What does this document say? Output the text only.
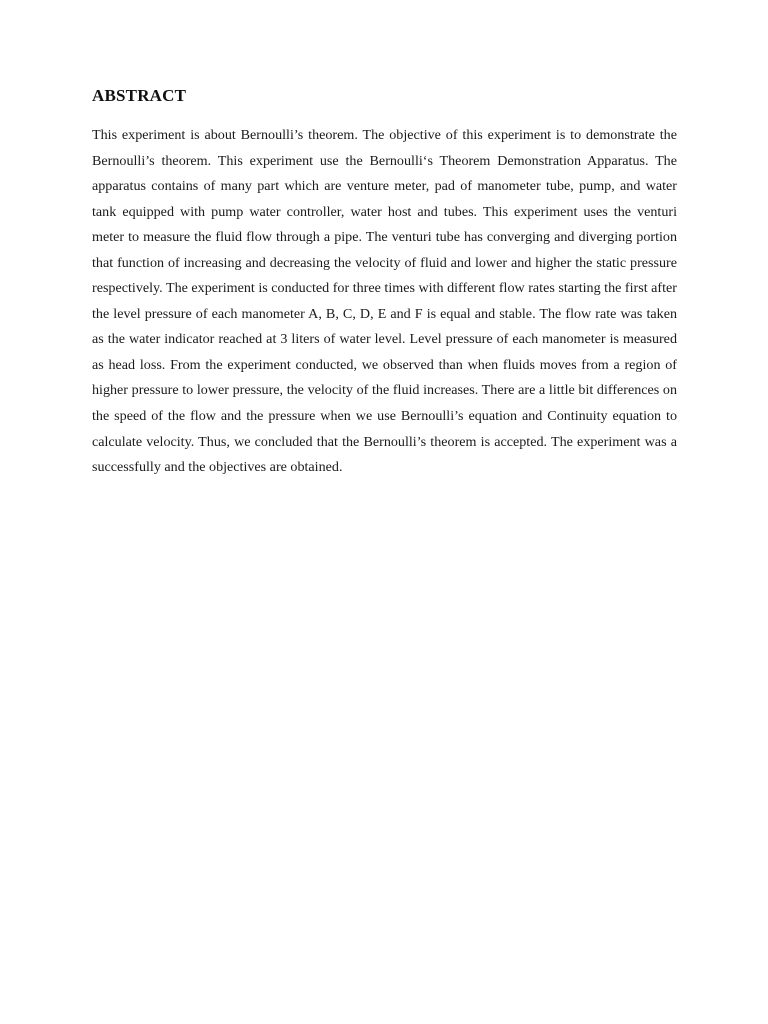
ABSTRACT

This experiment is about Bernoulli’s theorem. The objective of this experiment is to demonstrate the Bernoulli’s theorem. This experiment use the Bernoulli‘s Theorem Demonstration Apparatus. The apparatus contains of many part which are venture meter, pad of manometer tube, pump, and water tank equipped with pump water controller, water host and tubes. This experiment uses the venturi meter to measure the fluid flow through a pipe. The venturi tube has converging and diverging portion that function of increasing and decreasing the velocity of fluid and lower and higher the static pressure respectively. The experiment is conducted for three times with different flow rates starting the first after the level pressure of each manometer A, B, C, D, E and F is equal and stable. The flow rate was taken as the water indicator reached at 3 liters of water level. Level pressure of each manometer is measured as head loss. From the experiment conducted, we observed than when fluids moves from a region of higher pressure to lower pressure, the velocity of the fluid increases. There are a little bit differences on the speed of the flow and the pressure when we use Bernoulli’s equation and Continuity equation to calculate velocity. Thus, we concluded that the Bernoulli’s theorem is accepted. The experiment was a successfully and the objectives are obtained.
